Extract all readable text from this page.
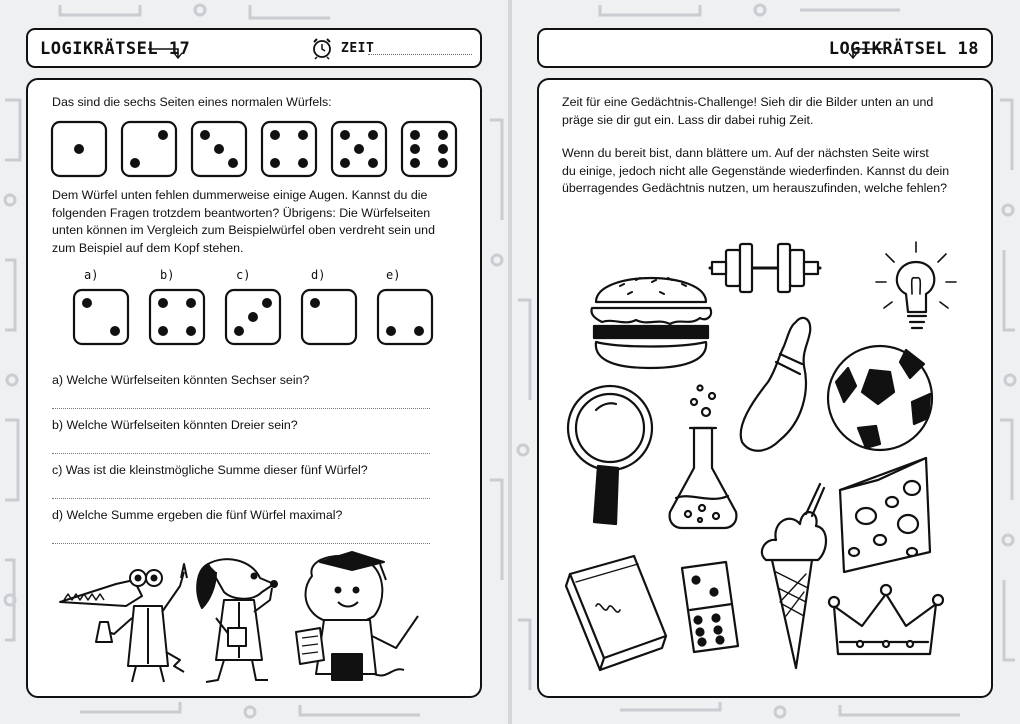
LOGIKRÄTSEL 17	ZEIT
Das sind die sechs Seiten eines normalen Würfels:
Dem Würfel unten fehlen dummerweise einige Augen. Kannst du die
folgenden Fragen trotzdem beantworten? Übrigens: Die Würfelseiten
unten können im Vergleich zum Beispielwürfel oben verdreht sein und
zum Beispiel auf dem Kopf stehen.
a)	b)	c)	d)	e)
a) Welche Würfelseiten könnten Sechser sein?
b) Welche Würfelseiten könnten Dreier sein?
c) Was ist die kleinstmögliche Summe dieser fünf Würfel?
d) Welche Summe ergeben die fünf Würfel maximal?
LOGIKRÄTSEL 18
Zeit für eine Gedächtnis-Challenge! Sieh dir die Bilder unten an und
präge sie dir gut ein. Lass dir dabei ruhig Zeit.
Wenn du bereit bist, dann blättere um. Auf der nächsten Seite wirst
du einige, jedoch nicht alle Gegenstände wiederfinden. Kannst du dein
überragendes Gedächtnis nutzen, um herauszufinden, welche fehlen?
